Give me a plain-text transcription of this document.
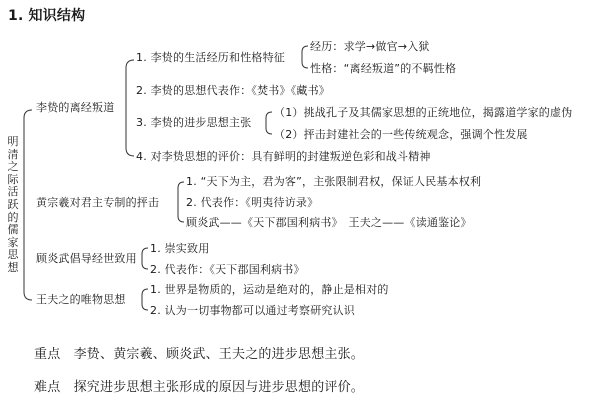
1. 知识结构
明清之际活跃的儒家思想
李贽的离经叛道
1. 李贽的生活经历和性格特征
经历：求学→做官→入狱
性格：“离经叛道”的不羁性格
2. 李贽的思想代表作：《焚书》《藏书》
3. 李贽的进步思想主张
（1）挑战孔子及其儒家思想的正统地位，揭露道学家的虚伪
（2）抨击封建社会的一些传统观念，强调个性发展
4. 对李贽思想的评价：具有鲜明的封建叛逆色彩和战斗精神
黄宗羲对君主专制的抨击
1. “天下为主，君为客”，主张限制君权，保证人民基本权利
2. 代表作：《明夷待访录》
顾炎武——《天下郡国利病书》　王夫之——《读通鉴论》
顾炎武倡导经世致用
1. 崇实致用
2. 代表作：《天下郡国利病书》
王夫之的唯物思想
1. 世界是物质的，运动是绝对的，静止是相对的
2. 认为一切事物都可以通过考察研究认识
重点　李贽、黄宗羲、顾炎武、王夫之的进步思想主张。
难点　探究进步思想主张形成的原因与进步思想的评价。
